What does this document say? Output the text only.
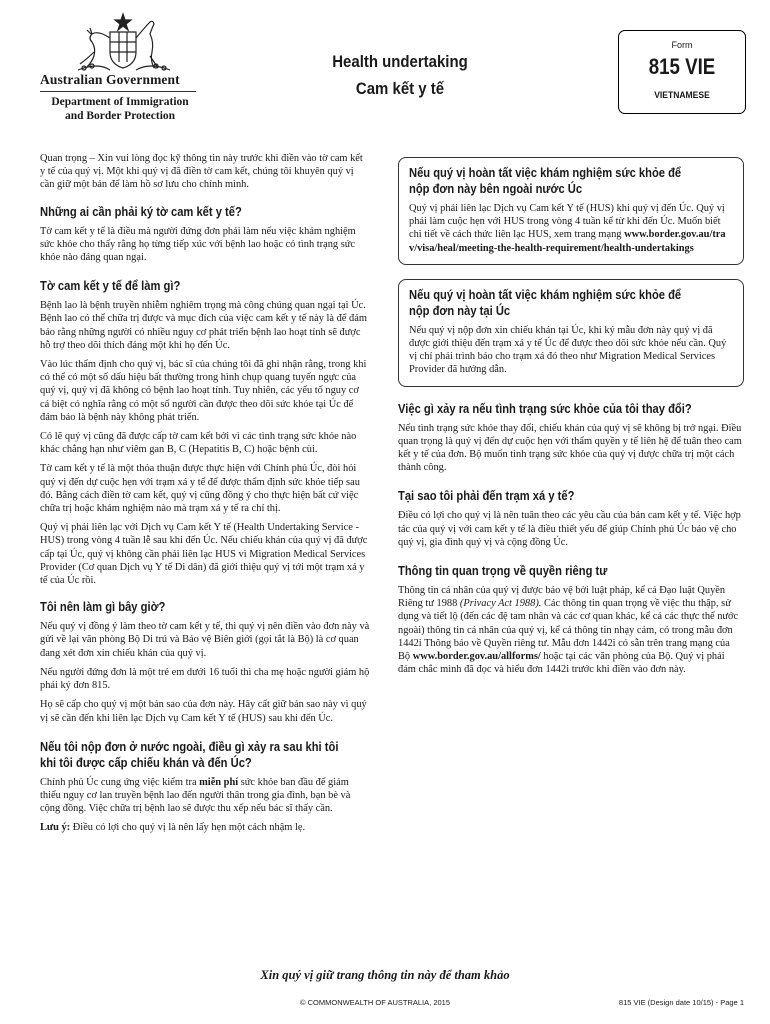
Australian Government
Department of Immigration
and Border Protection
Health undertaking
Cam kết y tế
Form
815 VIE
VIETNAMESE

Quan trọng – Xin vui lòng đọc kỹ thông tin này trước khi điền vào tờ cam kết y tế của quý vị. Một khi quý vị đã điền tờ cam kết, chúng tôi khuyên quý vị cần giữ một bản để làm hồ sơ lưu cho chính mình.

Những ai cần phải ký tờ cam kết y tế?

Tờ cam kết y tế là điều mà người đứng đơn phải làm nếu việc khám nghiệm sức khỏe cho thấy rằng họ từng tiếp xúc với bệnh lao hoặc có tình trạng sức khỏe nào đáng quan ngại.

Tờ cam kết y tế để làm gì?

Bệnh lao là bệnh truyền nhiễm nghiêm trọng mà công chúng quan ngại tại Úc. Bệnh lao có thể chữa trị được và mục đích của việc cam kết y tế này là để đảm bảo rằng những người có nhiều nguy cơ phát triển bệnh lao hoạt tính sẽ được hỗ trợ theo dõi thích đáng một khi họ đến Úc.

Vào lúc thẩm định cho quý vị, bác sĩ của chúng tôi đã ghi nhận rằng, trong khi có thể có một số dấu hiệu bất thường trong hình chụp quang tuyến ngực của quý vị, quý vị đã không có bệnh lao hoạt tính. Tuy nhiên, các yếu tố nguy cơ cá biệt có nghĩa rằng có một số người cần được theo dõi sức khỏe tại Úc để đảm bảo là bệnh này không phát triển.

Có lẽ quý vị cũng đã được cấp tờ cam kết bởi vì các tình trạng sức khỏe nào khác chẳng hạn như viêm gan B, C (Hepatitis B, C) hoặc bệnh cùi.

Tờ cam kết y tế là một thỏa thuận được thực hiện với Chính phủ Úc, đòi hỏi quý vị đến dự cuộc hẹn với trạm xá y tế để được thẩm định sức khỏe tiếp sau đó. Bằng cách điền tờ cam kết, quý vị cũng đồng ý cho thực hiện bất cứ việc chữa trị hoặc khám nghiệm nào mà trạm xá y tế ra chỉ thị.

Quý vị phải liên lạc với Dịch vụ Cam kết Y tế (Health Undertaking Service - HUS) trong vòng 4 tuần lễ sau khi đến Úc. Nếu chiếu khán của quý vị đã được cấp tại Úc, quý vị không cần phải liên lạc HUS vì Migration Medical Services Provider (Cơ quan Dịch vụ Y tế Di dân) đã giới thiệu quý vị tới một trạm xá y tế của Úc rồi.

Tôi nên làm gì bây giờ?

Nếu quý vị đồng ý làm theo tờ cam kết y tế, thì quý vị nên điền vào đơn này và gửi về lại văn phòng Bộ Di trú và Bảo vệ Biên giới (gọi tắt là Bộ) là cơ quan đang xét đơn xin chiếu khán của quý vị.

Nếu người đứng đơn là một trẻ em dưới 16 tuổi thì cha mẹ hoặc người giám hộ phải ký đơn 815.

Họ sẽ cấp cho quý vị một bản sao của đơn này. Hãy cất giữ bản sao này vì quý vị sẽ cần đến khi liên lạc Dịch vụ Cam kết Y tế (HUS) sau khi đến Úc.

Nếu tôi nộp đơn ở nước ngoài, điều gì xảy ra sau khi tôi
khi tôi được cấp chiếu khán và đến Úc?

Chính phủ Úc cung ứng việc kiểm tra miễn phí sức khỏe ban đầu để giảm thiểu nguy cơ lan truyền bệnh lao đến người thân trong gia đình, bạn bè và cộng đồng. Việc chữa trị bệnh lao sẽ được thu xếp nếu bác sĩ thấy cần.

Lưu ý: Điều có lợi cho quý vị là nên lấy hẹn một cách nhậm lẹ.

Nếu quý vị hoàn tất việc khám nghiệm sức khỏe để
nộp đơn này bên ngoài nước Úc

Quý vị phải liên lạc Dịch vụ Cam kết Y tế (HUS) khi quý vị đến Úc. Quý vị phải làm cuộc hẹn với HUS trong vòng 4 tuần kể từ khi đến Úc. Muốn biết chi tiết về cách thức liên lạc HUS, xem trang mạng www.border.gov.au/trav/visa/heal/meeting-the-health-requirement/health-undertakings

Nếu quý vị hoàn tất việc khám nghiệm sức khỏe để
nộp đơn này tại Úc

Nếu quý vị nộp đơn xin chiếu khán tại Úc, khi ký mẫu đơn này quý vị đã được giới thiệu đến trạm xá y tế Úc để được theo dõi sức khỏe nếu cần. Quý vị chỉ phải trình báo cho trạm xá đó theo như Migration Medical Services Provider đã hướng dẫn.

Việc gì xảy ra nếu tình trạng sức khỏe của tôi thay đổi?

Nếu tình trạng sức khỏe thay đổi, chiếu khán của quý vị sẽ không bị trở ngại. Điều quan trọng là quý vị đến dự cuộc hẹn với thẩm quyền y tế liên hệ để tuân theo cam kết y tế của đơn. Bộ muốn tình trạng sức khỏe của quý vị được chữa trị một cách thành công.

Tại sao tôi phải đến trạm xá y tế?

Điều có lợi cho quý vị là nên tuân theo các yêu cầu của bản cam kết y tế. Việc hợp tác của quý vị với cam kết y tế là điều thiết yếu để giúp Chính phủ Úc bảo vệ cho quý vị, gia đình quý vị và cộng đồng Úc.

Thông tin quan trọng về quyền riêng tư

Thông tin cá nhân của quý vị được bảo vệ bởi luật pháp, kể cả Đạo luật Quyền Riêng tư 1988 (Privacy Act 1988). Các thông tin quan trọng về việc thu thập, sử dụng và tiết lộ (đến các đệ tam nhân và các cơ quan khác, kể cả các thực thể nước ngoài) thông tin cá nhân của quý vị, kể cả thông tin nhạy cảm, có trong mẫu đơn 1442i Thông báo về Quyền riêng tư. Mẫu đơn 1442i có sẵn trên trang mạng của Bộ www.border.gov.au/allforms/ hoặc tại các văn phòng của Bộ. Quý vị phải đảm chắc mình đã đọc và hiểu đơn 1442i trước khi điền vào đơn này.

Xin quý vị giữ trang thông tin này để tham khảo
© COMMONWEALTH OF AUSTRALIA, 2015	815 VIE (Design date 10/15) - Page 1
